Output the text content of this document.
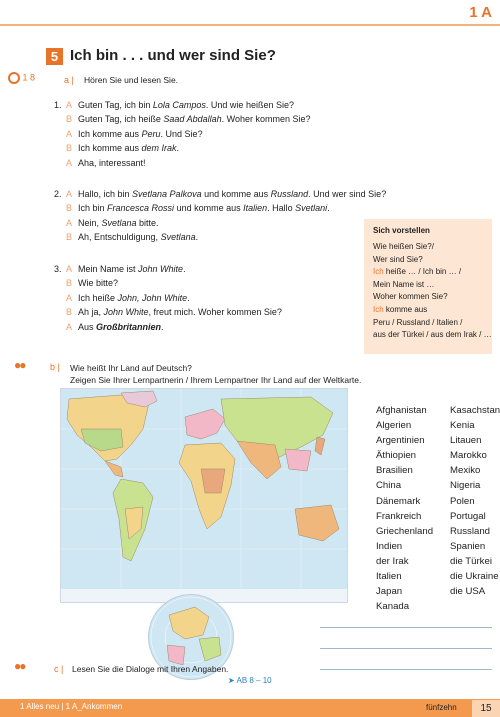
1 A
5 Ich bin . . . und wer sind Sie?
1 8	a | Hören Sie und lesen Sie.
1. A Guten Tag, ich bin Lola Campos. Und wie heißen Sie?
B Guten Tag, ich heiße Saad Abdallah. Woher kommen Sie?
A Ich komme aus Peru. Und Sie?
B Ich komme aus dem Irak.
A Aha, interessant!
2. A Hallo, ich bin Svetlana Palkova und komme aus Russland. Und wer sind Sie?
B Ich bin Francesca Rossi und komme aus Italien. Hallo Svetlani.
A Nein, Svetlana bitte.
B Ah, Entschuldigung, Svetlana.
3. A Mein Name ist John White.
B Wie bitte?
A Ich heiße John, John White.
B Ah ja, John White, freut mich. Woher kommen Sie?
A Aus Großbritannien.
Sich vorstellen
Wie heißen Sie?/
Wer sind Sie?
Ich heiße … / Ich bin … /
Mein Name ist …
Woher kommen Sie?
Ich komme aus
Peru / Russland / Italien /
aus der Türkei / aus dem Irak / …
●●	b | Wie heißt Ihr Land auf Deutsch?
Zeigen Sie Ihrer Lernpartnerin / Ihrem Lernpartner Ihr Land auf der Weltkarte.
Afghanistan
Algerien
Argentinien
Äthiopien
Brasilien
China
Dänemark
Frankreich
Griechenland
Indien
der Irak
Italien
Japan
Kanada
Kasachstan
Kenia
Litauen
Marokko
Mexiko
Nigeria
Polen
Portugal
Russland
Spanien
die Türkei
die Ukraine
die USA
●●	c | Lesen Sie die Dialoge mit Ihren Angaben.
➤ AB 8 – 10
1 Alles neu | 1 A_Ankommen	fünfzehn	15
